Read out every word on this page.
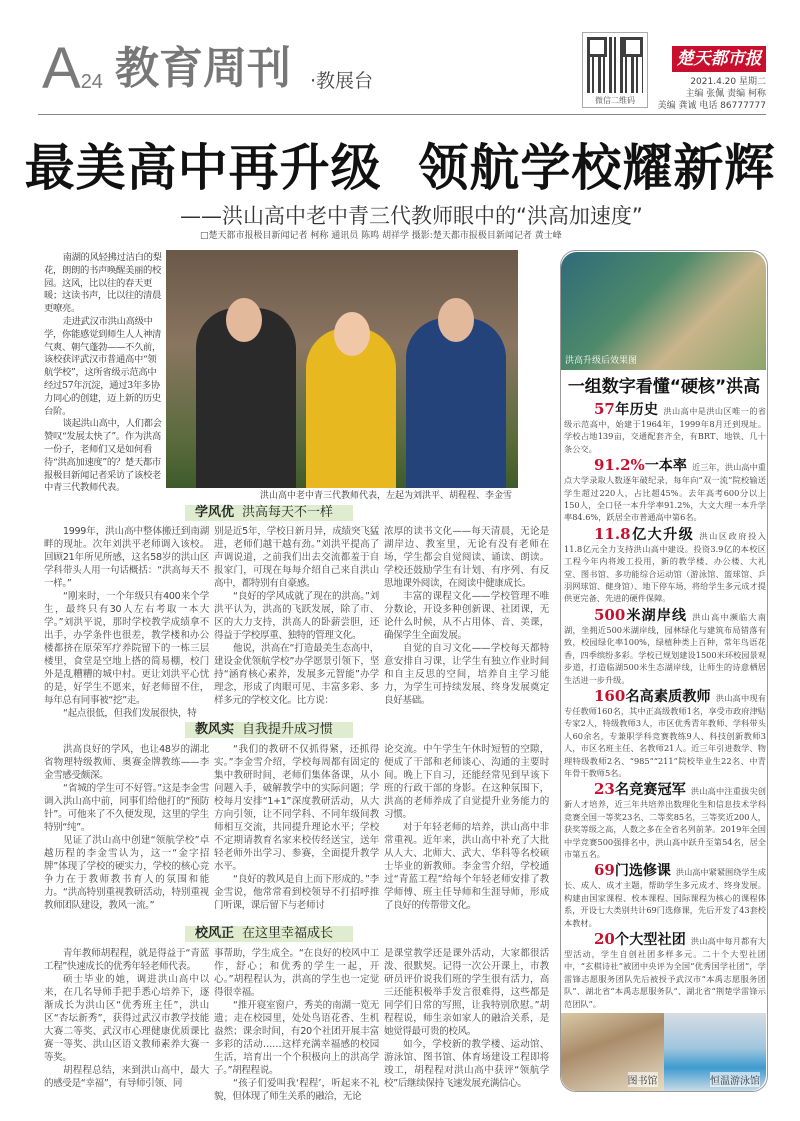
A24 教育周刊 ·教展台
微信二维码
楚天都市报
2021.4.20 星期二
主编 张佩 责编 柯称
美编 龚诚 电话 86777777
最美高中再升级  领航学校耀新辉
——洪山高中老中青三代教师眼中的“洪高加速度”
□楚天都市报极目新闻记者 柯称 通讯员 陈鸣 胡祥学 摄影:楚天都市报极目新闻记者 黄士峰

南湖的风轻拂过洁白的梨花，朗朗的书声唤醒美丽的校园。这风，比以往的春天更暖；这读书声，比以往的清晨更嘹亮。

走进武汉市洪山高级中学，你能感觉到师生人人神清气爽、朝气蓬勃——不久前，该校获评武汉市普通高中“领航学校”，这所省级示范高中经过57年沉淀，通过3年多协力同心的创建，迈上新的历史台阶。

谈起洪山高中，人们都会赞叹“发展太快了”。作为洪高一份子，老师们又是如何看待“洪高加速度”的？楚天都市报极目新闻记者采访了该校老中青三代教师代表。

洪山高中老中青三代教师代表，左起为刘洪平、胡程程、李金雪
学风优 洪高每天不一样

1999年，洪山高中整体搬迁到南湖畔的现址。次年刘洪平老师调入该校。回顾21年所见所感，这名58岁的洪山区学科带头人用一句话概括：“洪高每天不一样。”

“刚来时，一个年级只有400来个学生，最终只有30人左右考取一本大学。”刘洪平说，那时学校教学成绩拿不出手，办学条件也很差，教学楼和办公楼都挤在原荣军疗养院留下的一栋三层楼里，食堂是空地上搭的简易棚，校门外是乱糟糟的城中村。更让刘洪平心忧的是，好学生不愿来，好老师留不住，每年总有同事被“挖”走。

“起点很低，但我们发展很快，特

别是近5年，学校日新月异，成绩突飞猛进，老师们越干越有劲。”刘洪平提高了声调说道，之前我们出去交流都羞于自报家门，可现在每每介绍自己来自洪山高中，都特别有自豪感。

“良好的学风成就了现在的洪高。”刘洪平认为，洪高的飞跃发展，除了市、区的大力支持，洪高人的卧薪尝胆，还得益于学校厚重、独特的管理文化。

他说，洪高在“打造最美生态高中，建设金优领航学校”办学愿景引领下，坚持“涵育核心素养，发展多元智能”办学理念，形成了肉眼可见、丰富多彩、多样多元的学校文化。比方说：

浓厚的读书文化——每天清晨，无论是湖岸边、教室里，无论有没有老师在场，学生都会自觉阅读、诵读、朗读。学校还鼓励学生有计划、有序列、有反思地课外阅读，在阅读中健康成长。

丰富的课程文化——学校管理不唯分数论，开设多种创新课、社团课，无论什么时候，从不占用体、音、美课，确保学生全面发展。

自觉的自习文化——学校每天都特意安排自习课，让学生有独立作业时间和自主反思的空间，培养自主学习能力，为学生可持续发展、终身发展奠定良好基础。

教风实 自我提升成习惯

洪高良好的学风，也让48岁的湖北省物理特级教师、奥赛金牌教练——李金雪感受颇深。

“省城的学生可不好管。”这是李金雪调入洪山高中前，同事们给他打的“预防针”。可他来了不久便发现，这里的学生特别“纯”。

见证了洪山高中创建“领航学校”卓越历程的李金雪认为，这一“金字招牌”体现了学校的硬实力，学校的核心竞争力在于教师教书育人的氛围和能力。“洪高特别重视教研活动，特别重视教师团队建设，教风一流。”

“我们的教研不仅抓得紧，还抓得实。”李金雪介绍，学校每周都有固定的集中教研时间，老师们集体备课，从小问题入手，破解教学中的实际问题；学校每月安排“1+1”深度教研活动，从大方向引领，让不同学科、不同年级间教师相互交流，共同提升理论水平；学校不定期请教育名家来校传经送宝，送年轻老师外出学习、参赛，全面提升教学水平。

“良好的教风是自上而下形成的。”李金雪说，他常常看到校领导不打招呼推门听课，课后留下与老师讨

论交流。中午学生午休时短暂的空隙，便成了干部和老师谈心、沟通的主要时间。晚上下自习，还能经常见到早该下班的行政干部的身影。在这种氛围下，洪高的老师养成了自觉提升业务能力的习惯。

对于年轻老师的培养，洪山高中非常重视。近年来，洪山高中补充了大批从人大、北师大、武大、华科等名校硕士毕业的新教师。李金雪介绍，学校通过“青蓝工程”给每个年轻老师安排了教学师傅、班主任导师和生涯导师，形成了良好的传帮带文化。

校风正 在这里幸福成长

青年教师胡程程，就是得益于“青蓝工程”快速成长的优秀年轻老师代表。

硕士毕业的她，调进洪山高中以来，在几名导师手把手悉心培养下，逐渐成长为洪山区“优秀班主任”，洪山区“杏坛新秀”，获得过武汉市教学技能大赛二等奖、武汉市心理健康优质课比赛一等奖、洪山区语文教师素养大赛一等奖。

胡程程总结，来到洪山高中，最大的感受是“幸福”，有导师引领、同

事帮助，学生成全。“在良好的校风中工作，舒心；和优秀的学生一起，开心。”胡程程认为，洪高的学生也一定觉得很幸福。

“推开寝室窗户，秀美的南湖一览无遗；走在校园里，处处鸟语花香、生机盎然；课余时间，有20个社团开展丰富多彩的活动……这样充满幸福感的校园生活，培育出一个个积极向上的洪高学子。”胡程程说。

“孩子们爱叫我‘程程’，听起来不礼貌，但体现了师生关系的融洽，无论

是课堂教学还是课外活动，大家都很活泼、很默契。记得一次公开课上，市教研员评价说我们班的学生很有活力，高三还能积极举手发言很难得，这些都是同学们日常的写照，让我特别欣慰。”胡程程说，师生亲如家人的融洽关系，是她觉得最可贵的校风。

如今，学校新的教学楼、运动馆、游泳馆、图书馆、体育场建设工程即将竣工，胡程程对洪山高中获评“领航学校”后继续保持飞速发展充满信心。

洪高升级后效果图
一组数字看懂“硬核”洪高
57年历史 洪山高中是洪山区唯一的省级示范高中，始建于1964年，1999年8月迁到现址。学校占地139亩，交通配套齐全，有BRT、地铁、几十条公交。
91.2%一本率 近三年，洪山高中重点大学录取人数逐年破纪录，每年向“双一流”院校输送学生超过220人，占比超45%。去年高考600分以上150人，全口径一本升学率91.2%，大文大理一本升学率84.6%，跃居全市普通高中第6名。
11.8亿大升级 洪山区政府投入11.8亿元全力支持洪山高中建设。投资3.9亿的本校区工程今年内将竣工投用，新的教学楼、办公楼、大礼堂、图书馆、多功能综合运动馆（游泳馆、篮球馆、乒羽网球馆、健身馆）、地下停车场，将给学生多元成才提供更完备、先进的硬件保障。
500米湖岸线 洪山高中濒临大南湖，坐拥近500米湖岸线，园林绿化与建筑布局错落有致，校园绿化率100%，绿植种类上百种，常年鸟语花香，四季缤纷多彩。学校已规划建设1500米环校园景观步道，打造临湖500米生态湖岸线，让师生的诗意栖居生活进一步升级。
160名高素质教师 洪山高中现有专任教师160名，其中正高级教师1名，享受市政府津贴专家2人，特级教师3人，市区优秀青年教师、学科带头人60余名，专兼职学科竞赛教练9人、科技创新教师3人，市区名班主任、名教师21人。近三年引进数学、物理特级教师2名、“985”“211”院校毕业生22名、中青年骨干教师5名。
23名竞赛冠军 洪山高中注重拔尖创新人才培养，近三年共培养出数理化生和信息技术学科竞赛全国一等奖23名、二等奖85名，三等奖近200人，获奖等级之高，人数之多在全省名列前茅。2019年全国中学竞赛500强排名中，洪山高中跃升至第54名，居全市第五名。
69门选修课 洪山高中紧紧围绕学生成长、成人、成才主题，帮助学生多元成才、终身发展。构建由国家课程、校本课程、国际课程为核心的课程体系，开设七大类别共计69门选修课，先后开发了43套校本教材。
20个大型社团 洪山高中每月都有大型活动，学生自创社团多样多元。二十个大型社团中，“玄棋诗社”被团中央评为全国“优秀国学社团”，学雷锋志愿服务团队先后被授予武汉市“本禹志愿服务团队”、湖北省“本禹志愿服务队”、湖北省“荆楚学雷锋示范团队”。
图书馆	恒温游泳馆
